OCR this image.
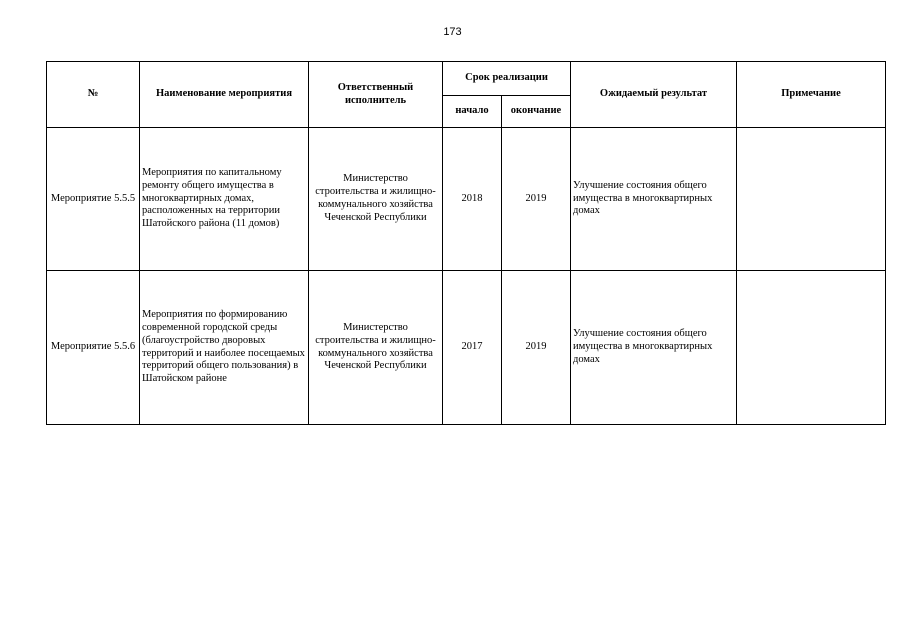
173
№	Наименование мероприятия	Ответственный исполнитель	Срок реализации		Ожидаемый результат	Примечание
			начало	окончание		
Мероприятие 5.5.5	Мероприятия по капитальному ремонту общего имущества в многоквартирных домах, расположенных на территории Шатойского района (11 домов)	Министерство строительства и жилищно-коммунального хозяйства Чеченской Республики	2018	2019	Улучшение состояния общего имущества в многоквартирных домах	
Мероприятие 5.5.6	Мероприятия по формированию современной городской среды (благоустройство дворовых территорий и наиболее посещаемых территорий общего пользования) в Шатойском районе	Министерство строительства и жилищно-коммунального хозяйства Чеченской Республики	2017	2019	Улучшение состояния общего имущества в многоквартирных домах	
